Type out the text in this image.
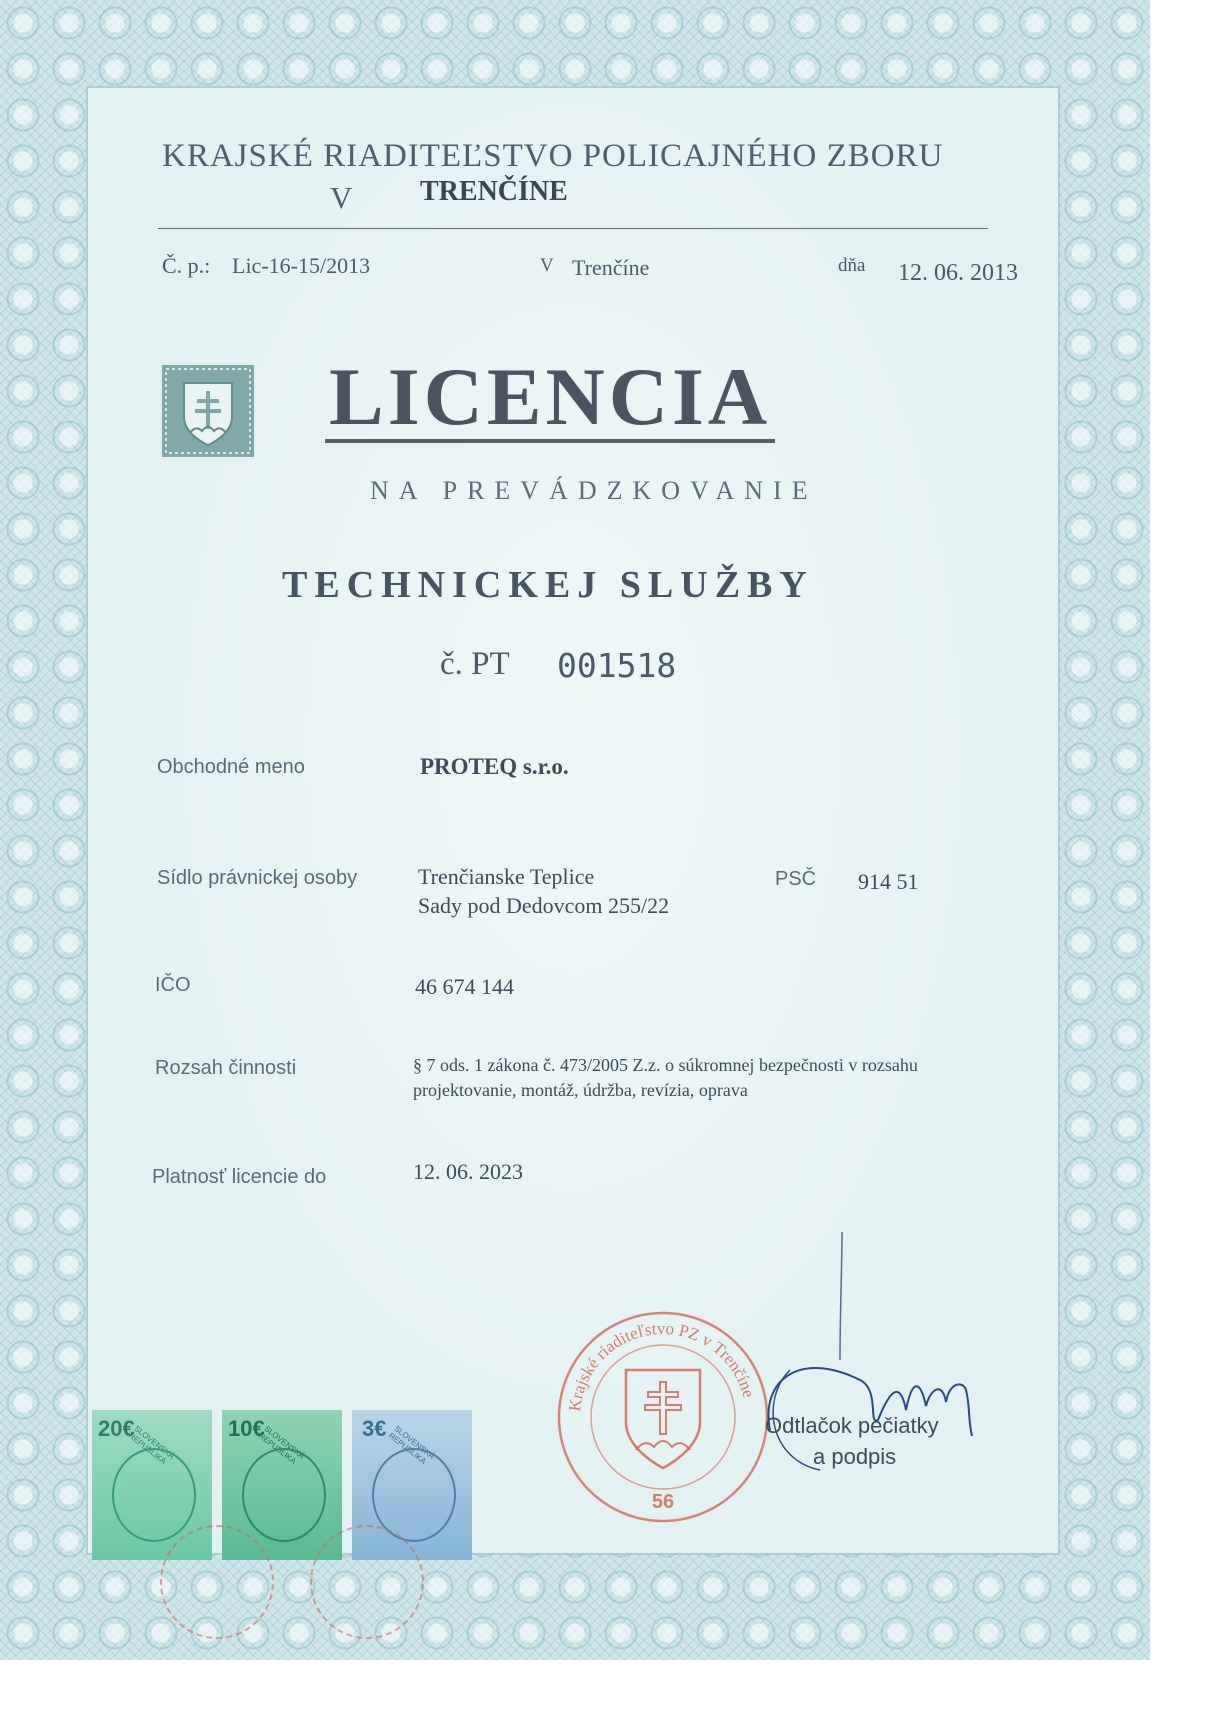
KRAJSKÉ RIADITEĽSTVO POLICAJNÉHO ZBORU
V TRENČÍNE
Č. p.: Lic-16-15/2013	V Trenčíne	dňa 12. 06. 2013
LICENCIA
NA PREVÁDZKOVANIE
TECHNICKEJ SLUŽBY
č. PT 001518
Obchodné meno	PROTEQ s.r.o.
Sídlo právnickej osoby	Trenčianske Teplice
Sady pod Dedovcom 255/22
PSČ 914 51
IČO	46 674 144
Rozsah činnosti	§ 7 ods. 1 zákona č. 473/2005 Z.z. o súkromnej bezpečnosti v rozsahu
projektovanie, montáž, údržba, revízia, oprava
Platnosť licencie do	12. 06. 2023
Krajské riaditeľstvo PZ v Trenčíne
56
Odtlačok pečiatky
a podpis
20€
SLOVENSKÁ REPUBLIKA
10€
SLOVENSKÁ REPUBLIKA
3€ SLOVENSKÁ REPUBLIKA
